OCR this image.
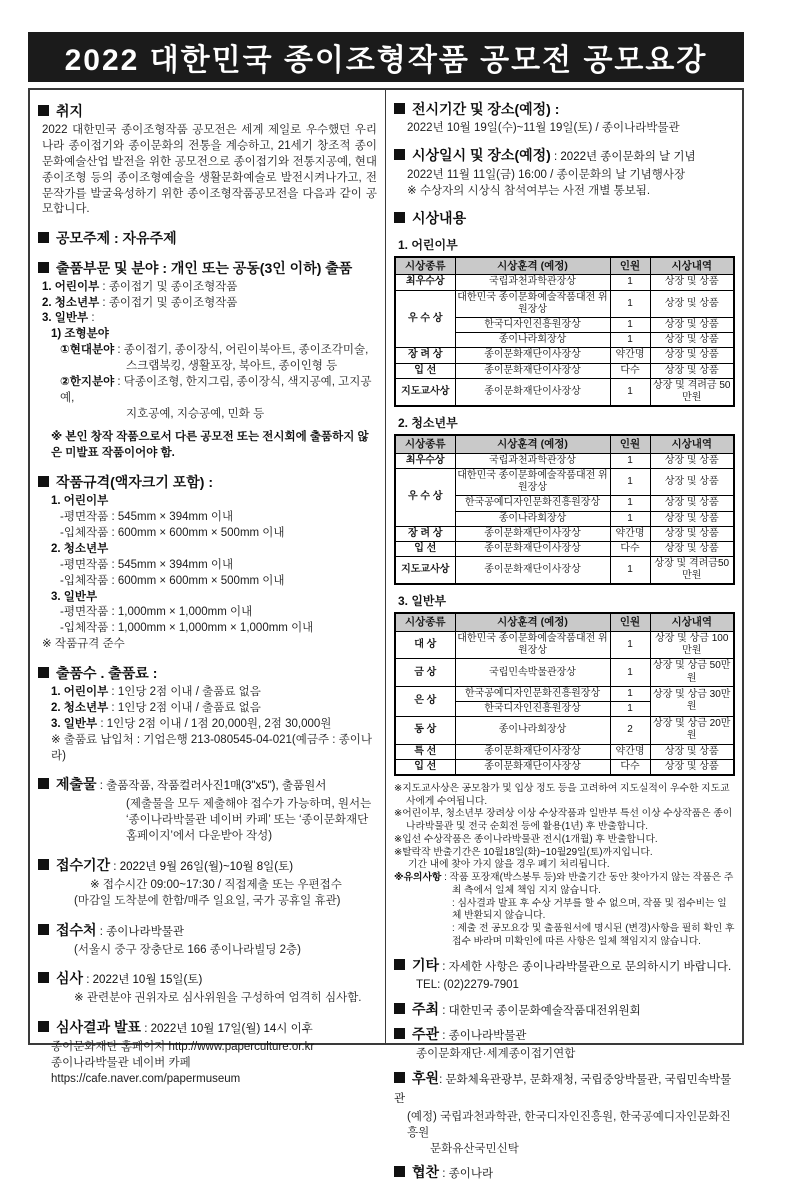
2022 대한민국 종이조형작품 공모전 공모요강
취지
2022 대한민국 종이조형작품 공모전은 세계 제일로 우수했던 우리나라 종이접기와 종이문화의 전통을 계승하고, 21세기 창조적 종이문화예술산업 발전을 위한 공모전으로 종이접기와 전통지공예, 현대종이조형 등의 종이조형예술을 생활문화예술로 발전시켜나가고, 전문작가를 발굴육성하기 위한 종이조형작품공모전을 다음과 같이 공모합니다.
공모주제 : 자유주제
출품부문 및 분야 : 개인 또는 공동(3인 이하) 출품
1. 어린이부 : 종이접기 및 종이조형작품
2. 청소년부 : 종이접기 및 종이조형작품
3. 일반부 :
1) 조형분야
①현대분야 : 종이접기, 종이장식, 어린이북아트, 종이조각미술,
스크랩북킹, 생활포장, 북아트, 종이인형 등
②한지분야 : 닥종이조형, 한지그림, 종이장식, 색지공예, 고지공예,
지호공예, 지승공예, 민화 등
※ 본인 창작 작품으로서 다른 공모전 또는 전시회에 출품하지 않은 미발표 작품이어야 함.
작품규격(액자크기 포함) :
1. 어린이부
-평면작품 : 545mm × 394mm 이내
-입체작품 : 600mm × 600mm × 500mm 이내
2. 청소년부
-평면작품 : 545mm × 394mm 이내
-입체작품 : 600mm × 600mm × 500mm 이내
3. 일반부
-평면작품 : 1,000mm × 1,000mm 이내
-입체작품 : 1,000mm × 1,000mm × 1,000mm 이내
※ 작품규격 준수
출품수 . 출품료 :
1. 어린이부 : 1인당 2점 이내 / 출품료 없음
2. 청소년부 : 1인당 2점 이내 / 출품료 없음
3. 일반부 : 1인당 2점 이내 / 1점 20,000원, 2점 30,000원
※ 출품료 납입처 : 기업은행 213-080545-04-021(예금주 : 종이나라)
제출물 : 출품작품, 작품컬러사진1매(3"x5"), 출품원서
(제출물을 모두 제출해야 접수가 가능하며, 원서는 ‘종이나라박물관 네이버 카페’ 또는 ‘종이문화재단 홈페이지’에서 다운받아 작성)
접수기간 : 2022년 9월 26일(월)~10월 8일(토)
※ 접수시간 09:00~17:30 / 직접제출 또는 우편접수
(마감일 도착분에 한함/매주 일요일, 국가 공휴일 휴관)
접수처 : 종이나라박물관
(서울시 중구 장충단로 166 종이나라빌딩 2층)
심사 : 2022년 10월 15일(토)
※ 관련분야 권위자로 심사위원을 구성하여 엄격히 심사함.
심사결과 발표 : 2022년 10월 17일(월) 14시 이후
종이문화재단 홈페이지 http://www.paperculture.or.kr
종이나라박물관 네이버 카페 https://cafe.naver.com/papermuseum
전시기간 및 장소(예정) :
2022년 10월 19일(수)~11월 19일(토) / 종이나라박물관
시상일시 및 장소(예정) : 2022년 종이문화의 날 기념
2022년 11월 11일(금) 16:00 / 종이문화의 날 기념행사장
※ 수상자의 시상식 참석여부는 사전 개별 통보됨.
시상내용
1. 어린이부
시상종류	시상훈격 (예정)	인원	시상내역
최우수상	국립과천과학관장상	1	상장 및 상품
우 수 상	대한민국 종이문화예술작품대전 위원장상	1	상장 및 상품
	한국디자인진흥원장상	1	상장 및 상품
	종이나라회장상	1	상장 및 상품
장 려 상	종이문화재단이사장상	약간명	상장 및 상품
입 선	종이문화재단이사장상	다수	상장 및 상품
지도교사상	종이문화재단이사장상	1	상장 및 격려금 50만원
2. 청소년부
시상종류	시상훈격 (예정)	인원	시상내역
최우수상	국립과천과학관장상	1	상장 및 상품
우 수 상	대한민국 종이문화예술작품대전 위원장상	1	상장 및 상품
	한국공예디자인문화진흥원장상	1	상장 및 상품
	종이나라회장상	1	상장 및 상품
장 려 상	종이문화재단이사장상	약간명	상장 및 상품
입 선	종이문화재단이사장상	다수	상장 및 상품
지도교사상	종이문화재단이사장상	1	상장 및 격려금50만원
3. 일반부
시상종류	시상훈격 (예정)	인원	시상내역
대 상	대한민국 종이문화예술작품대전 위원장상	1	상장 및 상금 100만원
금 상	국립민속박물관장상	1	상장 및 상금 50만원
은 상	한국공예디자인문화진흥원장상	1	상장 및 상금 30만원
	한국디자인진흥원장상	1	
동 상	종이나라회장상	2	상장 및 상금 20만원
특 선	종이문화재단이사장상	약간명	상장 및 상품
입 선	종이문화재단이사장상	다수	상장 및 상품
※지도교사상은 공모참가 및 입상 정도 등을 고려하여 지도실적이 우수한 지도교사에게 수여됩니다.
※어린이부, 청소년부 장려상 이상 수상작품과 일반부 특선 이상 수상작품은 종이나라박물관 및 전국 순회전 등에 활용(1년) 후 반출합니다.
※입선 수상작품은 종이나라박물관 전시(1개월) 후 반출합니다.
※탈락작 반출기간은 10월18일(화)~10월29일(토)까지입니다.
기간 내에 찾아 가지 않을 경우 폐기 처리됩니다.
※유의사항 : 작품 포장재(박스봉투 등)와 반출기간 동안 찾아가지 않는 작품은 주최 측에서 일체 책임 지지 않습니다.
: 심사결과 발표 후 수상 거부를 할 수 없으며, 작품 및 접수비는 일체 반환되지 않습니다.
: 제출 전 공모요강 및 출품원서에 명시된 (변경)사항을 필히 확인 후 접수 바라며 미확인에 따른 사항은 일체 책임지지 않습니다.
기타 : 자세한 사항은 종이나라박물관으로 문의하시기 바랍니다.
TEL: (02)2279-7901
주최 : 대한민국 종이문화예술작품대전위원회
주관 : 종이나라박물관
종이문화재단·세계종이접기연합
후원: 문화체육관광부, 문화재청, 국립중앙박물관, 국립민속박물관
(예정) 국립과천과학관, 한국디자인진흥원, 한국공예디자인문화진흥원
문화유산국민신탁
협찬 : 종이나라
